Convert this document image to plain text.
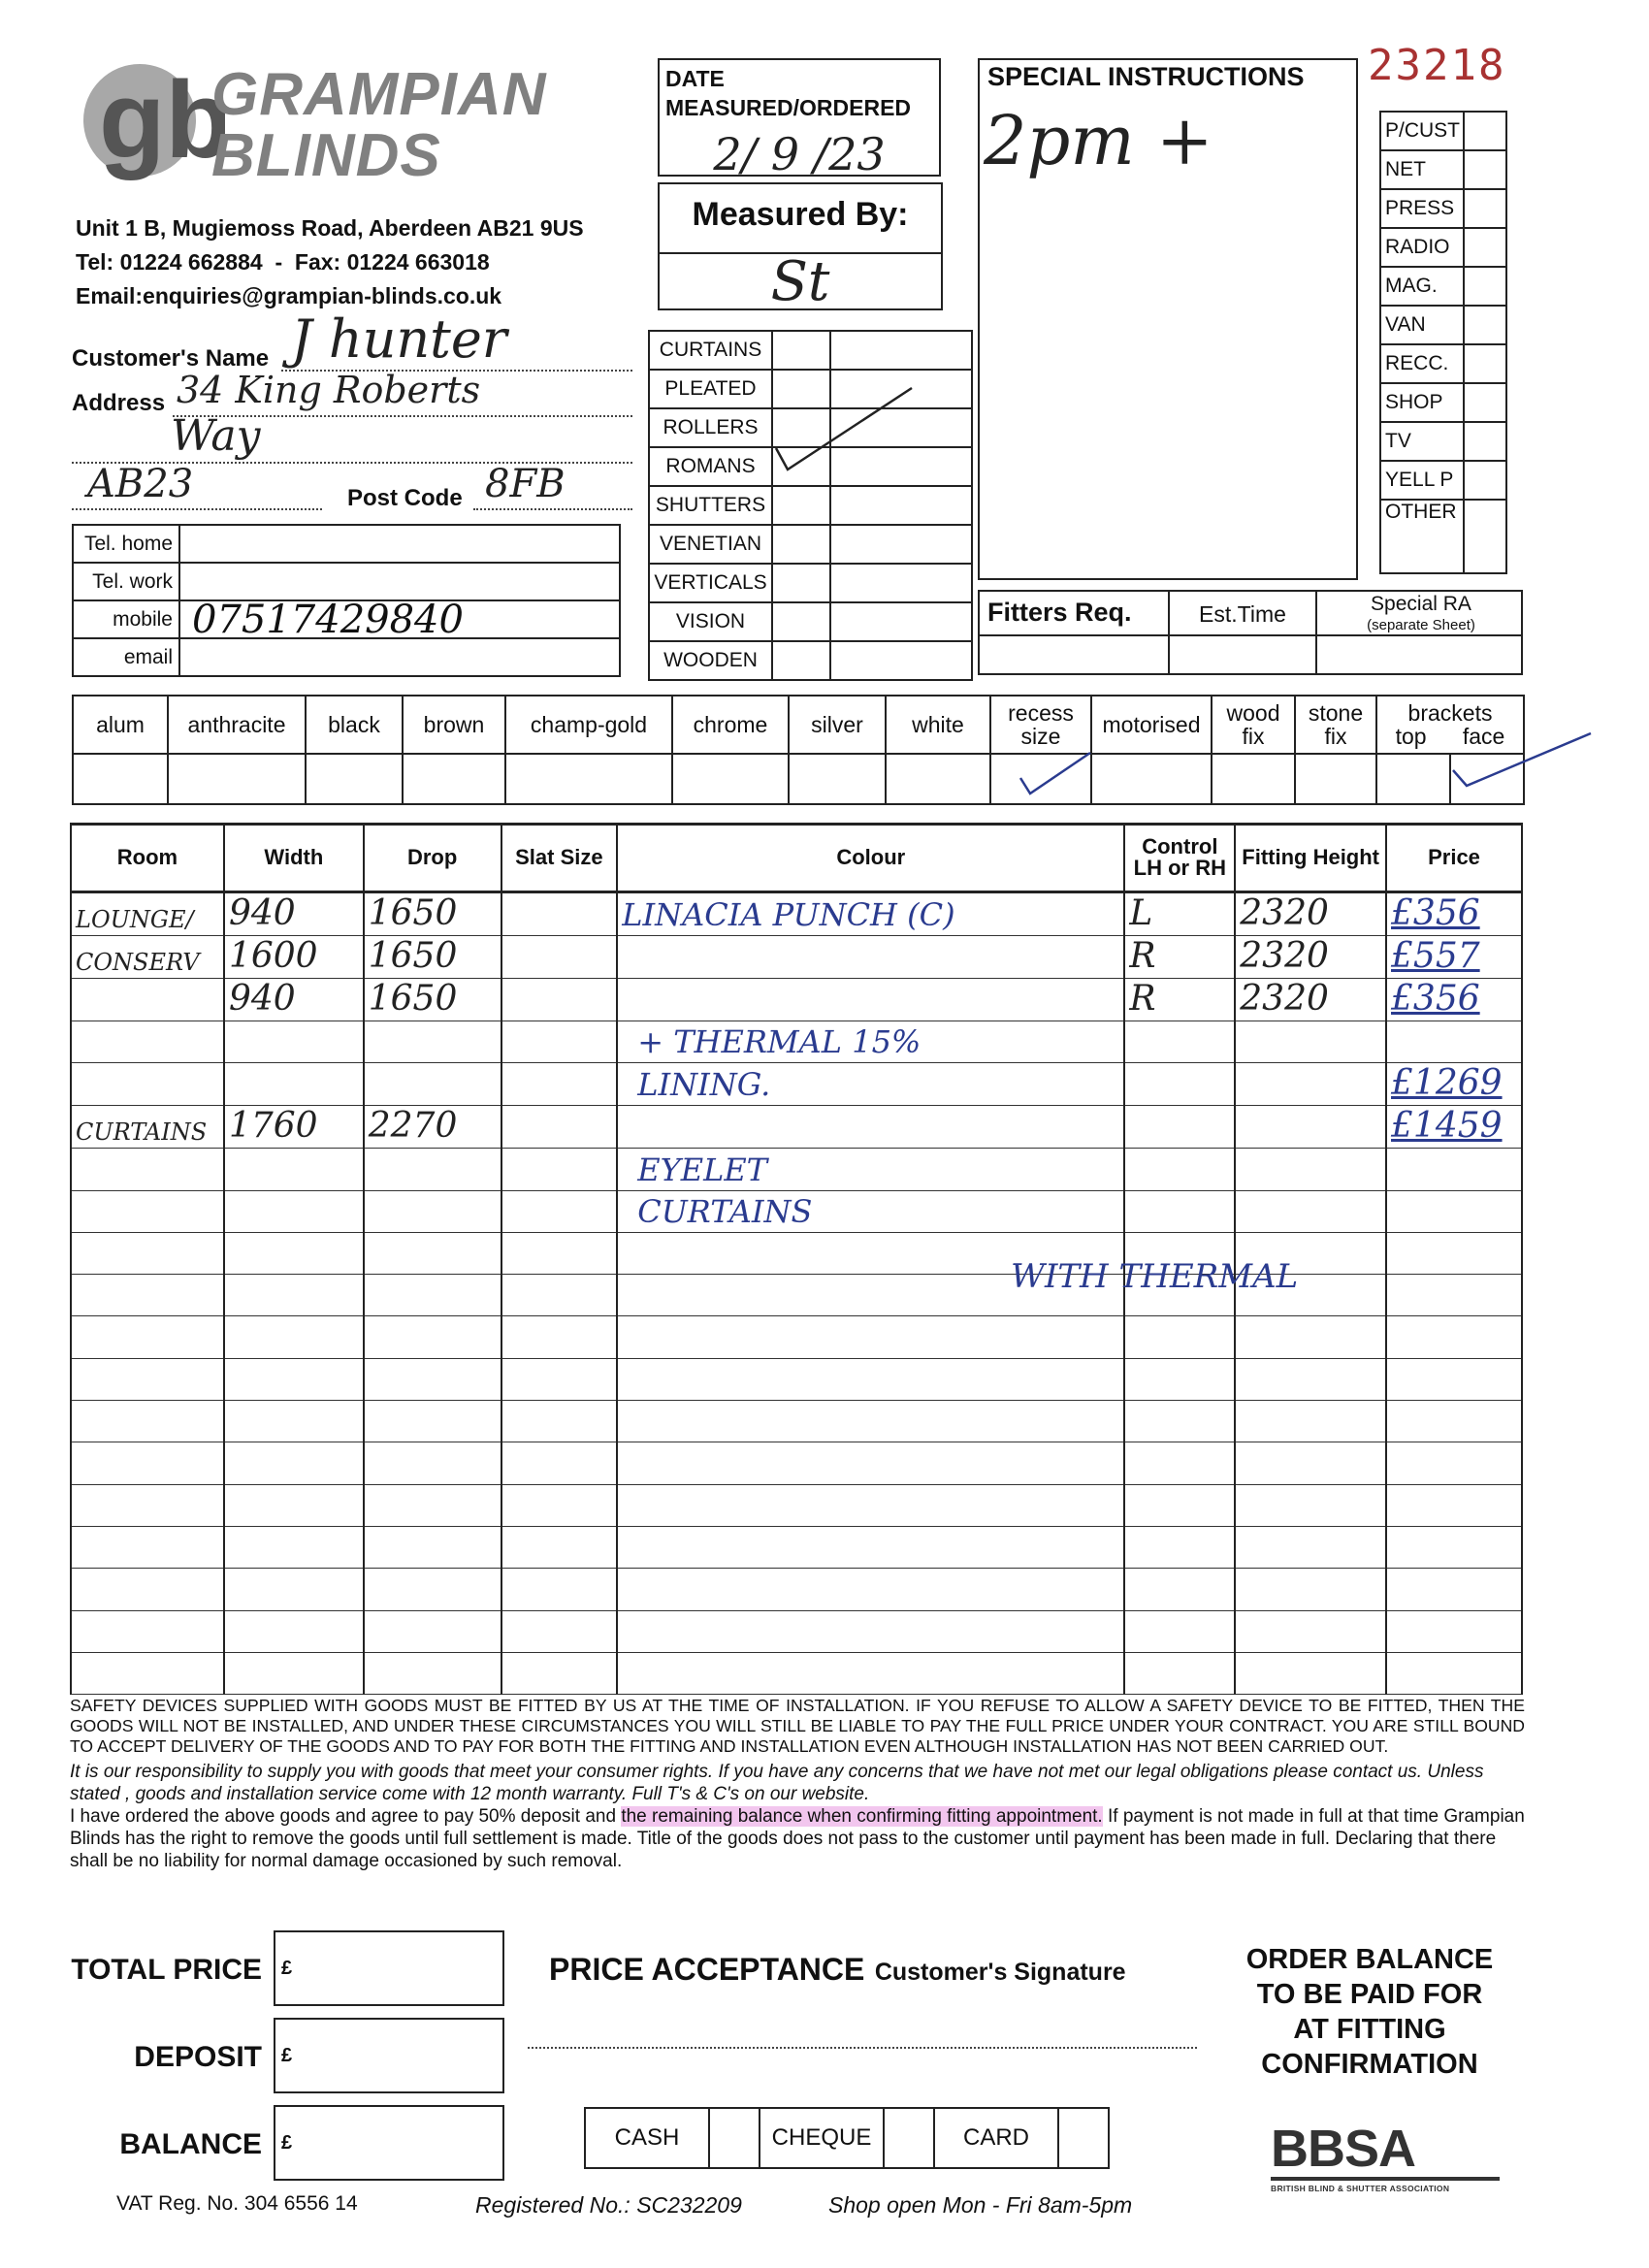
gb
GRAMPIAN
BLINDS
Unit 1 B, Mugiemoss Road, Aberdeen AB21 9US
Tel: 01224 662884  -  Fax: 01224 663018
Email:enquiries@grampian-blinds.co.uk
DATE MEASURED/ORDERED
2/ 9 /23
Measured By:
St
SPECIAL INSTRUCTIONS
2pm +
23218
P/CUST	
NET	
PRESS	
RADIO	
MAG.	
VAN	
RECC.	
SHOP	
TV	
YELL P	
OTHER	
Customer's Name J hunter
Address 34 King Roberts
Way
AB23	Post Code 8FB
Tel. home	
Tel. work	
mobile	07517429840
email	
CURTAINS		
PLEATED		
ROLLERS		
ROMANS		
SHUTTERS		
VENETIAN		
VERTICALS		
VISION		
WOODEN		
Fitters Req.	Est.Time	Special RA
(separate Sheet)
alum	anthracite	black	brown	champ-gold	chrome	silver	white	recess size	motorised	wood fix	stone fix	brackets
top face	

Room	Width	Drop	Slat Size	Colour	Control LH or RH	Fitting Height	Price
LOUNGE/	940	1650		LINACIA PUNCH (C)	L	2320	£356
CONSERV	1600	1650			R	2320	£557
	940	1650			R	2320	£356
				+ THERMAL 15%			
				LINING.			£1269
CURTAINS	1760	2270					£1459
				EYELET			
				CURTAINS			

WITH THERMAL
SAFETY DEVICES SUPPLIED WITH GOODS MUST BE FITTED BY US AT THE TIME OF INSTALLATION. IF YOU REFUSE TO ALLOW A SAFETY DEVICE TO BE FITTED, THEN THE GOODS WILL NOT BE INSTALLED, AND UNDER THESE CIRCUMSTANCES YOU WILL STILL BE LIABLE TO PAY THE FULL PRICE UNDER YOUR CONTRACT. YOU ARE STILL BOUND TO ACCEPT DELIVERY OF THE GOODS AND TO PAY FOR BOTH THE FITTING AND INSTALLATION EVEN ALTHOUGH INSTALLATION HAS NOT BEEN CARRIED OUT.
It is our responsibility to supply you with goods that meet your consumer rights. If you have any concerns that we have not met our legal obligations please contact us. Unless stated , goods and installation service come with 12 month warranty. Full T's & C's on our website.
I have ordered the above goods and agree to pay 50% deposit and the remaining balance when confirming fitting appointment. If payment is not made in full at that time Grampian Blinds has the right to remove the goods until full settlement is made. Title of the goods does not pass to the customer until payment has been made in full. Declaring that there shall be no liability for normal damage occasioned by such removal.
TOTAL PRICE	£
DEPOSIT	£
BALANCE	£
PRICE ACCEPTANCE Customer's Signature
CASH		CHEQUE		CARD	
ORDER BALANCE
TO BE PAID FOR
AT FITTING
CONFIRMATION
BBSA
BRITISH BLIND & SHUTTER ASSOCIATION
VAT Reg. No. 304 6556 14	Registered No.: SC232209	Shop open Mon - Fri 8am-5pm
